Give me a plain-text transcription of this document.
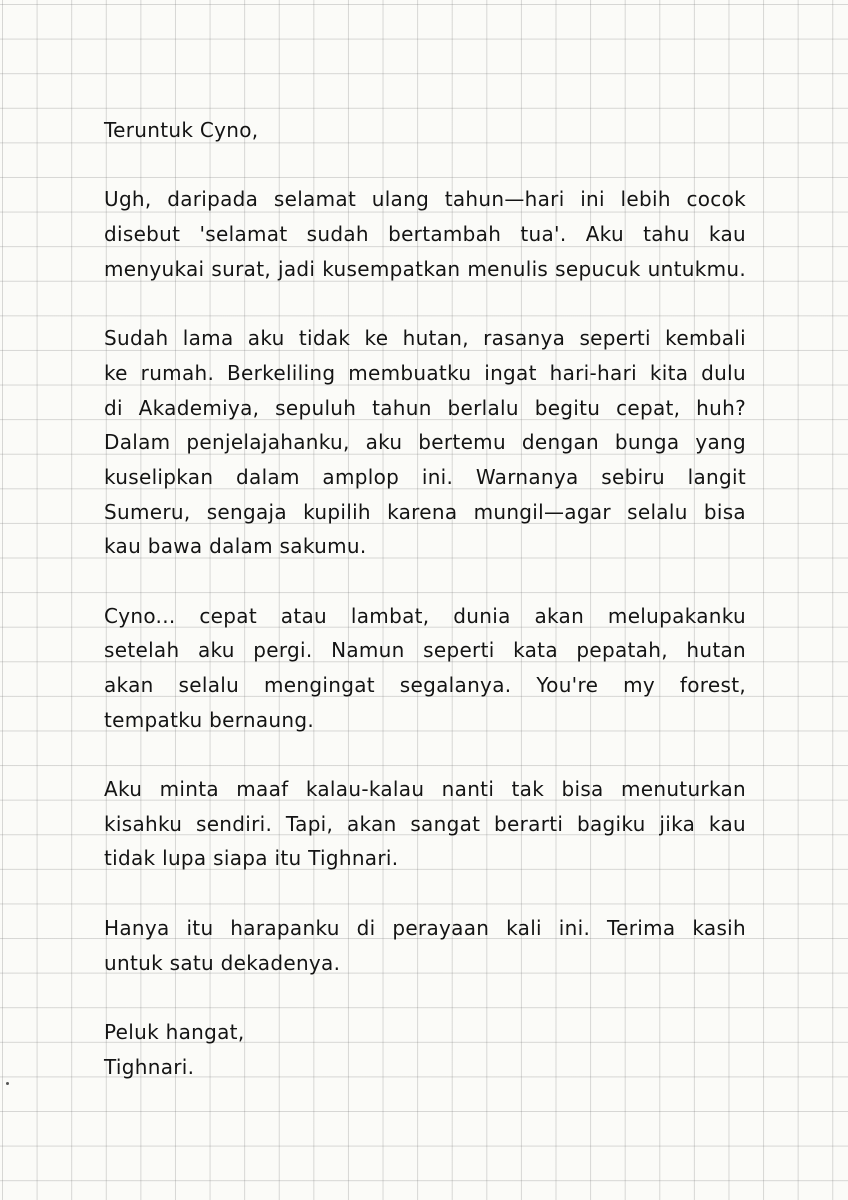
Teruntuk Cyno,
Ugh, daripada selamat ulang tahun—hari ini lebih cocok
disebut 'selamat sudah bertambah tua'. Aku tahu kau
menyukai surat, jadi kusempatkan menulis sepucuk untukmu.
Sudah lama aku tidak ke hutan, rasanya seperti kembali
ke rumah. Berkeliling membuatku ingat hari-hari kita dulu
di Akademiya, sepuluh tahun berlalu begitu cepat, huh?
Dalam penjelajahanku, aku bertemu dengan bunga yang
kuselipkan dalam amplop ini. Warnanya sebiru langit
Sumeru, sengaja kupilih karena mungil—agar selalu bisa
kau bawa dalam sakumu.
Cyno... cepat atau lambat, dunia akan melupakanku
setelah aku pergi. Namun seperti kata pepatah, hutan
akan selalu mengingat segalanya. You're my forest,
tempatku bernaung.
Aku minta maaf kalau-kalau nanti tak bisa menuturkan
kisahku sendiri. Tapi, akan sangat berarti bagiku jika kau
tidak lupa siapa itu Tighnari.
Hanya itu harapanku di perayaan kali ini. Terima kasih
untuk satu dekadenya.
Peluk hangat,
Tighnari.
